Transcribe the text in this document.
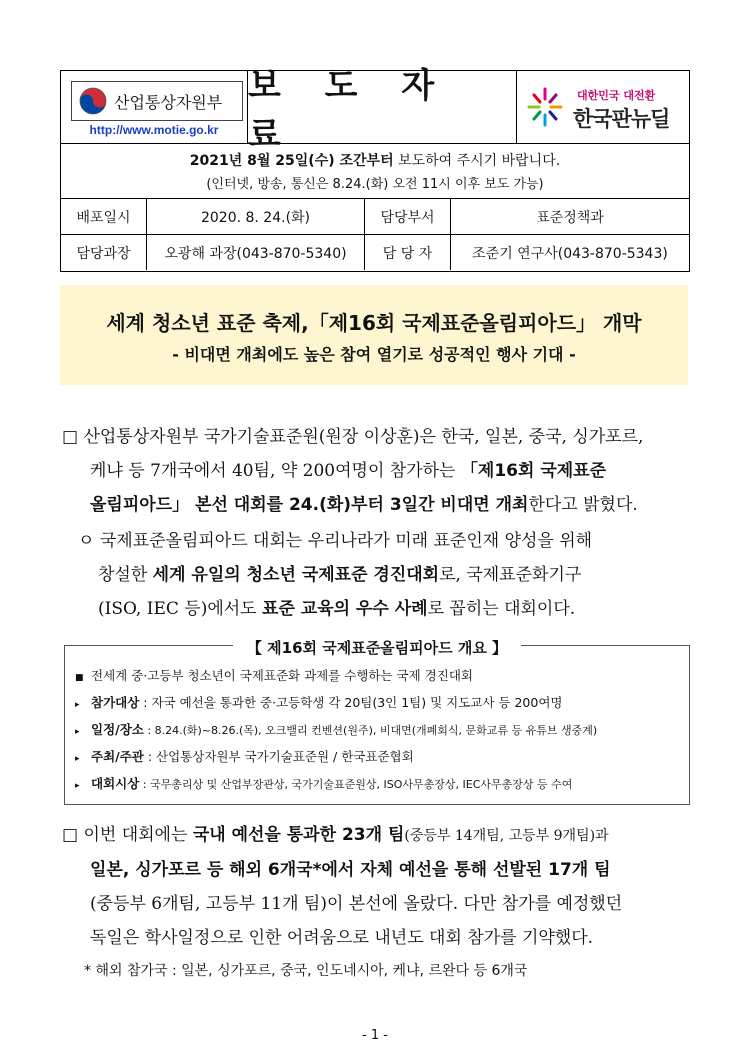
산업통상자원부
http://www.motie.go.kr
보 도 자 료
대한민국 대전환
한국판뉴딜
2021년 8월 25일(수) 조간부터 보도하여 주시기 바랍니다.
(인터넷, 방송, 통신은 8.24.(화) 오전 11시 이후 보도 가능)
배포일시	2020. 8. 24.(화)	담당부서	표준정책과
담당과장	오광해 과장(043-870-5340)	담 당 자	조준기 연구사(043-870-5343)
세계 청소년 표준 축제,「제16회 국제표준올림피아드」 개막
- 비대면 개최에도 높은 참여 열기로 성공적인 행사 기대 -
□ 산업통상자원부 국가기술표준원(원장 이상훈)은 한국, 일본, 중국, 싱가포르,
케냐 등 7개국에서 40팀, 약 200여명이 참가하는 「제16회 국제표준
올림피아드」 본선 대회를 24.(화)부터 3일간 비대면 개최한다고 밝혔다.
ㅇ 국제표준올림피아드 대회는 우리나라가 미래 표준인재 양성을 위해
창설한 세계 유일의 청소년 국제표준 경진대회로, 국제표준화기구
(ISO, IEC 등)에서도 표준 교육의 우수 사례로 꼽히는 대회이다.
【 제16회 국제표준올림피아드 개요 】
■ 전세계 중·고등부 청소년이 국제표준화 과제를 수행하는 국제 경진대회
▸ 참가대상 : 자국 예선을 통과한 중·고등학생 각 20팀(3인 1팀) 및 지도교사 등 200여명
▸ 일정/장소 : 8.24.(화)~8.26.(목), 오크밸리 컨벤션(원주), 비대면(개폐회식, 문화교류 등 유튜브 생중계)
▸ 주최/주관 : 산업통상자원부 국가기술표준원 / 한국표준협회
▸ 대회시상 : 국무총리상 및 산업부장관상, 국가기술표준원상, ISO사무총장상, IEC사무총장상 등 수여
□ 이번 대회에는 국내 예선을 통과한 23개 팀(중등부 14개팀, 고등부 9개팀)과
일본, 싱가포르 등 해외 6개국*에서 자체 예선을 통해 선발된 17개 팀
(중등부 6개팀, 고등부 11개 팀)이 본선에 올랐다. 다만 참가를 예정했던
독일은 학사일정으로 인한 어려움으로 내년도 대회 참가를 기약했다.
* 해외 참가국 : 일본, 싱가포르, 중국, 인도네시아, 케냐, 르완다 등 6개국
- 1 -
